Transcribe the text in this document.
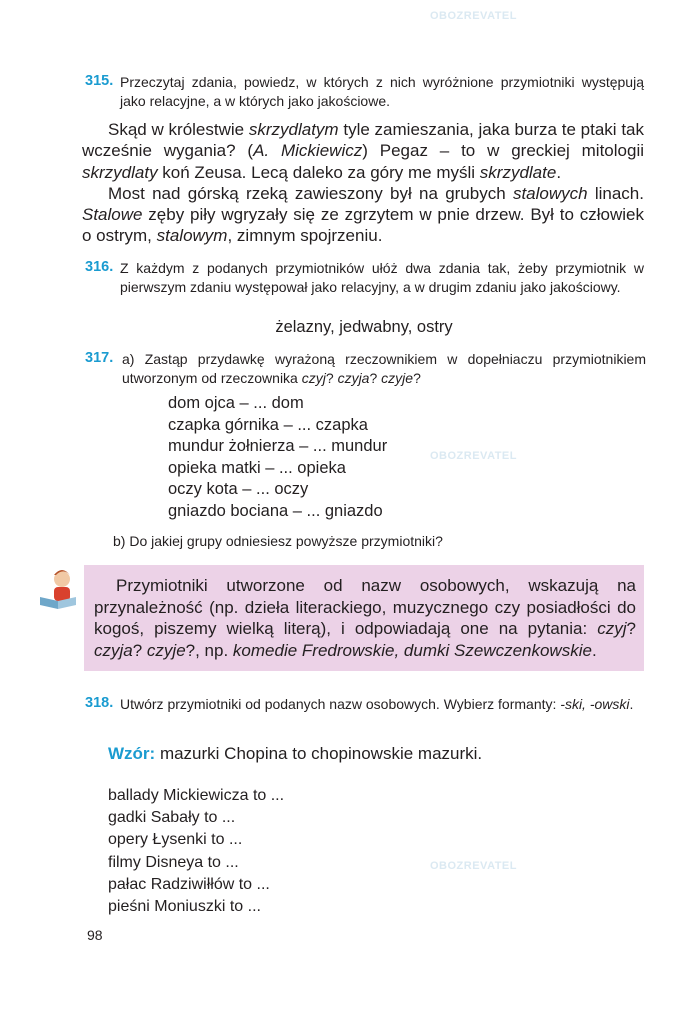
OBOZREVATEL
OBOZREVATEL
OBOZREVATEL
315. Przeczytaj zdania, powiedz, w których z nich wyróżnione przymiotniki występują jako relacyjne, a w których jako jakościowe.

Skąd w królestwie skrzydlatym tyle zamieszania, jaka burza te ptaki tak wcześnie wygania? (A. Mickiewicz) Pegaz – to w greckiej mitologii skrzydlaty koń Zeusa. Lecą daleko za góry me myśli skrzydlate.

Most nad górską rzeką zawieszony był na grubych stalowych linach. Stalowe zęby piły wgryzały się ze zgrzytem w pnie drzew. Był to człowiek o ostrym, stalowym, zimnym spojrzeniu.

316. Z każdym z podanych przymiotników ułóż dwa zdania tak, żeby przymiotnik w pierwszym zdaniu występował jako relacyjny, a w drugim zdaniu jako jakościowy.
żelazny, jedwabny, ostry
317. a) Zastąp przydawkę wyrażoną rzeczownikiem w dopełniaczu przymiotnikiem utworzonym od rzeczownika czyj? czyja? czyje?
dom ojca – ... dom
czapka górnika – ... czapka
mundur żołnierza – ... mundur
opieka matki – ... opieka
oczy kota – ... oczy
gniazdo bociana – ... gniazdo
b) Do jakiej grupy odniesiesz powyższe przymiotniki?

Przymiotniki utworzone od nazw osobowych, wskazują na przynależność (np. dzieła literackiego, muzycznego czy posiadłości do kogoś, piszemy wielką literą), i odpowiadają one na pytania: czyj? czyja? czyje?, np. komedie Fredrowskie, dumki Szewczenkowskie.

318. Utwórz przymiotniki od podanych nazw osobowych. Wybierz formanty: -ski, -owski.
Wzór: mazurki Chopina to chopinowskie mazurki.
ballady Mickiewicza to ...
gadki Sabały to ...
opery Łysenki to ...
filmy Disneya to ...
pałac Radziwiłłów to ...
pieśni Moniuszki to ...
98
